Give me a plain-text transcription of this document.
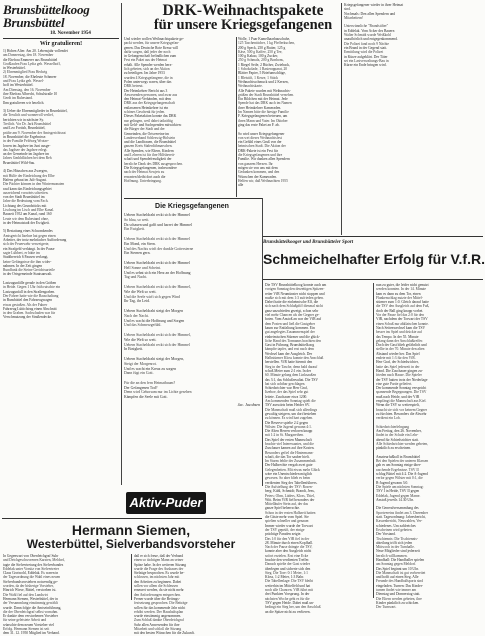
Brunsbüttelkoog
Brunsbüttel
18. November 1954
Wir gratulieren!
1) Hohen Alter. Am 20. Lebensjahr vollendet
am Donnerstag, den 18. November
die Ehefrau Emmerer aus Brunsbüttel
Großlaufen Frau Lydia geb. Wesselhoff,
in Westerbüttel.
2) Ehrenmitglied Frau Hedwig
18. November, die Eheleute Schmeer
und Frau Lydia geb. Wessel-
hoff im Westerbüttel.
Am Dienstag, den 16. November
ihre Ehefrau Albrecht, Schulstraße 10
Gerdt im Ruhestand.
Ihm gratulieren wir herzlich.

3) Ueber die Ehrenmitglieder in Brunsbüttel,
die Treulich und wonnevoll verlief,
berichten wir in nächster Sy.
Treilich. Vor Dr. Jark Brunsbüttel
und Leo Fortish, Brunsbüttel,
prüfte am 9. November der Amtsgerichtsrat
in Brunsbüttel die Ergebnisse.
in der Familie Feldweg Wrotze-
lowen im Jagdsee im Juni ausge-
das Jagdsee der Jagdsee erlegt.
an der Gemeinde im Jagdsee im
Jahres Gmbhflächen bei dem Reh
Brunsbüttel Wild-Sau.

4) Das Häuschen aus Zwergen,
mit Hülfe der Eindeichung des Elbe
Hafens gebaut im Juli-August.
Die Pächter können in den Wintermonaten
rauf kann das Eindeichungsgebiet
ausreichend vorwärts schreiten.
von der Stadt Brunsbüttel im
Jahre die Bedeutung vom Fach.
Lichtung des Grundstücks mit
Lischung im Lisch und Elbe Kanal.
Bauzeit 1952 am Kanal, rund 160
Leute wir dem Ruhestand ohne,
in der Heimatstadt der Ewigkeit.

5) Bestattung eines Schwankendes
Amtsgericht Itzehoe hat gegen einen
Arbeiter, der trotz mehrfacher Aufforderung
sich der Feuerwehr verweigerte,
ein Strafgeld verhängt. In der Pause
sagte Lübbert, er hätte im
Stadtbereich 6 Pausen verlangt,
keine Gefängnisse die ihm wider-
nahmen. In der Zeit gingen
Rundfunk die Steine Gerichtsurteile
in der Ortsgemeinde Staatsanwalt.

Lastzugunfälle gerade in den Gräben
in Heide. Gegen 1 Uhr früh rutschte ein
Lastzugunfall in den Straßengraben.
Der Fahrer hatte wie die Bauschaltung
in Bunsbüttel den Fahrzeugwagen
etwas gestoßen. Als der Fahrer
Fahrzeug Lüttichtrag einen Abschnitt
in den Graben. Sachschaden war für
Verschmutzung der Straßendecke.
DRK-Weihnachtspakete
für unsere Kriegsgefangenen
Und wieder wollen Weihnachtspakete ge-
packt werden, für unsere Kriegsgefan-
genen. Das Deutsche Rote Kreuz will
dafür sorgen, daß jeder der noch
in Gefangenschaft befindlichen zum
Fest ein Paket aus der Heimat
erhält. Alle Spender werden herz-
lich gebeten, sich an der Aktion
zu beteiligen. Im Jahre 1953
wurden 4 Kriegsgefangene, die in
Polen unterwegs waren, über das
DRK betreut.
Der Heimkehrer Bericht aus 3
Anwesenden personen, und zwar aus
den Heimat-Verbänden, mit dem
DRK aus der Kriegsgefangenschaft
entlassenen Heimkehrer ist ein
schönes Geschenk für jeden.
Dieses Paketaktion konnte das DRK
nur gelingen, weil dabei tatkräftig
mit Geld- und Sachspenden mitwirkten:
die Bürger der Stadt und der
Gemeinden, die Ortsvereine im
Landesverband Schleswig-Holstein
und die Landfrauen, die Brunsbüttel
ganzen Kreis Süderdithmarschen.
Alle Spenden, wie Eltern, Kindern
und Lehrern ist für ihre Hilfsbereit-
schaft und Spendefreudigkeit der
herzliche Dank des DRK ausgesprochen.
Die Kriegsgefangenen, insbesondere
nach der Heimat Sowjets zu
erwarten bleibt dort auch die
Hoffnung. Unterbringung.
Wolle, 1 Paar Kamelhaarhauschuhe,
125 Taschentücher, 1 kg Pfefferkuchen,
200 g Speck, 250 g Butter, 125 g
Käse, 500 g Kaffee, 250 g Tee,
100 g Kakao, 100 g Zucker,
250 g Schmalz, 200 g Bonbons,
1 Riegel Seife, 2 Bücher, Zwieback,
1 Schokolade, 1 Rasierapparat, 20
Blätter Papier, 5 Briefumschläge,
1 Bleistift, 1 Kerze, 1 Stück
Weihnachtsschmuck und 2 Kerzen,
Weihnachtskarte.
Alle Pakete wurden mit Weihnachts-
grüßen der Stadt Brunsbüttel versehen.
Ein Bildchen mit der Heimat. Jede
Spende hat das DRK auch im Namen
ihrer Heimkehrer Kameraden.
Im Namen bitte die hiesige Familie
F. Kriegsgefangenen betreuen, um
ihren Mann und Vater. Im Oktober
ging das erste Paket an F. ab.

So wird unser Kriegsgefangener
von wei dieses Weihnachtsfest
ein Gefühl eines Gruß von der
heimischen Stadt. Die Aktion der
DRK-Pakete ist ein Fest für
die Kriegsgefangenen und ihre
Familie. Wir danken allen Spendern
von ganzem Herzen. Ihr
mögen sie von uns mit dem
Gedanken kommen, und den
Wünschen der Kameraden.
Helfen wir, daß Weihnachten 1955
alle
Kriegsgefangener wieder in ihrer Heimat
sind.
Nochmals: Den allen Spendern und
Mitarbeitern!

Unterwünnliche "Brandstifter"
in Eddelak. Vom Acker des Bauern
Walter Schmidt wurde Weißkohl
unaufhörlich und entgegenkommend.
Die Polizei fand noch 9 Nächte
ein Brand in der Gegend statt.
Ermittlung wird die Polizei
in Kürze aufgeklärt. Der Täter
sei ein Lastverwaltungs-Bau in
Kürze ein Ende bringen wird.
Die Kriegsgefangenen
Uebern Stacheldraht reckt sich der Himmel
So blau, so weit.
Da schauen und gafft und harret der Himmel
Ein Ewigkeit.

Uebern Stacheldraht reckt sich der Himmel
Ein Mond, ein Stern.
Und des Nachts wirft der dunkle Gottersterne
Ein Sternen gern.

Uebern Stacheldraht reckt sich der Himmel
Hell Sonne und Scheint.
Und es sehnt sich ein Herz an der Hoffnung
Tag und Nacht.

Uebern Stacheldraht reckt sich der Himmel,
Wie die Welt so weit.
Und die Seele wirft sich gegen Wind
Ihr Tag, ihr Leid.

Uebern Stacheldraht steigt der Morgen
Nach der Nacht.
Und es wacht die Hoffnung und Sorgen
Und das Schmerzgefühl.

Uebern Stacheldraht reckt sich der Himmel,
Wie die Welt so weit.
Uebern Stacheldraht reckt sich der Himmel
In Einigkeit.

Uebern Stacheldraht steigt der Morgen,
Steigt der Morgenrot.
Und es wacht ein Kreuz zu sorgen
Dann fügt ein Gott.

Für die an den fern Heimatbaum?
Der Gefangenen Tod?
Denn wird Gehorsam nur im Lichte gesehen
Kämpfen die Seele mit Gott.
Jac. Jacobsen
Brunsbüttelkooger und Brunsbütteler Sport
Schmeichelhafter Erfolg für V.f.R.
Die TSV Brunsbüttelkoog konnte auch am
vorigen Sonntag den derzeitigen Spitzen-
reiter VfR Neumünster nicht stoppen und
mußte sich mit dem 1:3 zufrieden geben.
Dabei hatte die einheimische Elf, die
sich nach dem Schlußpfiff diesmal nicht
ganz unzufrieden gezeigt, schon sehr
viel mehr Chancen als der Gegner ge-
boten. Vom Anstoß an war der VfR auf
dem Posten und ließ die Gastgeber
kaum zur Entfaltung kommen. Ein
gut angelegtes Zusammenspiel der
einheimischen Stürmer und die glück-
liche Hand des Tormanns brachten den
Gast in Führung. Brunsbüttelkoog
kämpfte tapfer, und erst nach dem
Wechsel kam der Ausgleich. Der
Halbstürmer Kloss konnte den Anschluß
herstellen. VfR hatte hiermit den
Sieg in der Tasche, denn bald darauf
schoß Meier zum 2:1 ein. In der
60. Minute gelang dem Linksaußen
das 3:1, das Schlußresultat. Die TSV
hat sich achtbar geschlagen.
Schiedsrichter war Herr Graf,
Itzehoe, der das Spiel sehr gut
leitete. Zuschauer etwa 1200.
Am kommenden Sonntag spielt die
TSV auswärts beim Heider SV.
Die Mannschaft muß sich allerdings
gewaltig steigern, um dort bestehen
zu können. Es wird hart zugehen.
Die Reserve spielte 2:2 gegen
Wilster. Die Jugend gewann 4:1.
Die Alten Herren verloren knapp
mit 1:2 in St. Margarethen.
Das Spiel der ersten Mannschaft
brachte viel Interessantes, und die
Zuschauer kamen auf ihre Kosten.
Besonders gefiel die Hintermann-
schaft, die das Tor sauber hielt.
Im Sturm fehlte der Zusammenhalt.
Der Halbrechte vergab zwei gute
Gelegenheiten. Mit etwas mehr Glück
wäre ein Unentschieden möglich
gewesen. So aber blieb es beim
verdienten Sieg des Tabellenführers.
Die Aufstellung der TSV: Rosen-
berg; Kühl, Schmidt; Brandt, Jens,
Peters; Ohm, Lüders, Kloss, Thiel,
Witt. Beim VfR fiel besonders der
Mittelläufer Stein auf, der das
ganze Spiel beherrschte.
Schon in der ersten Halbzeit hatten
die Gäste mehr vom Spiel. Sie
spielten schneller und genauer.
Immer wieder wurde der Torwart
der TSV geprüft, der einige
prächtige Paraden zeigte.
Das 1:0 für den VfR fiel in der
28. Minute durch einen Kopfball.
Nach der Pause drängte die TSV,
konnte aber den Ausgleich nicht
sofort erzielen. Erst eine Ecke
brachte den verdienten Treffer.
Danach spielte der Gast wieder
überlegen und sicherte sich den
Sieg. Die Tore: 0:1 Meier, 1:1
Kloss, 1:2 Meier, 1:3 Bahr.
Die Tabellenlage: Die TSV bleibt
weiterhin im Mittelfeld und hat
noch alle Chancen. VfR führt mit
drei Punkten Vorsprung. In der
nächsten Woche geht es für die
TSV gegen Heide. Dabei muß un-
bedingt ein Sieg her, um den Anschluß
an die Spitze nicht zu verlieren.
nun zu guter, die leider nicht genutzt
werden konnten. In der 14. Minute
kam es dann zu dem Tor, einen
Flankenschlag nutzte der Mittel-
stürmer zum 1:0. Gleich darauf hatte
die TSV den Ausgleich auf dem Fuß,
doch der Ball ging knapp vorbei.
Vor der Pause fiel das 2:0 für den
VfR, nachdem der Torwart der TSV
einen Schuß nur abklatschen konnte.
Nach Seitenwechsel kam die TSV
besser ins Spiel und drückte auf
das Tempo. In der 55. Minute
gelang dann der Anschlußtreffer.
Doch der Gast blieb gefährlich und
stellte in der 70. Minute den alten
Abstand wieder her. Das Spiel
endete mit 1:3 für den VfR.
Herr Graf, der Schiedsrichter,
hatte das Spiel jederzeit in der
Hand. Die Zuschauer gingen zu-
frieden nach Hause. Die Spieler
der TSV hatten trotz der Niederlage
eine gute Partie geliefert.
Der kommende Sonntag verspricht
spannende Begegnungen. Die TSV
muß nach Heide, und der VfR
empfängt die Mannschaft aus Kiel.
Wenn die TSV so weiterspielt,
braucht sie sich vor keinem Gegner
zu fürchten. Besonders die Abwehr
verdient ein Lob.

Schiedsrichterlehrgang
Am Freitag, den 26. November,
findet in der Schule ein Lehr-
abend für Schiedsrichter statt.
Alle Schiedsrichter werden gebeten,
pünktlich zu erscheinen.

Amateurfußball in Brunsbüttel
Bei den Spielen der unteren Klassen
gab es am Sonntag einige über-
raschende Ergebnisse. TSV II
schlug Büttel mit 4:2. Die A-Jugend
verlor gegen Wilster mit 0:1, die
B-Jugend gewann 3:0.
Die Spiele am nächsten Sonntag:
TSV I in Heide, TSV II gegen
Eddelak, Jugend gegen Marne.
Anstoß jeweils 14.30 Uhr.

Die Generalversammlung des
Sportvereins findet am 3. Dezember
statt. Tagesordnung: Jahresbericht,
Kassenbericht, Neuwahlen, Ver-
schiedenes. Um zahlreiches
Erscheinen wird gebeten.
Der Vorstand.
Tischtennis: Die Tischtennis-
abteilung trifft sich jeden
Mittwoch in der Turnhalle.
Neue Mitglieder sind jederzeit
herzlich willkommen.
Handball: Die Handballer spielen
am Sonntag gegen Meldorf.
Das Spiel beginnt um 10 Uhr.
Die Mannschaft ist gut vorbereitet
und hofft auf einen Sieg. Alle
Freunde des Handballsports sind
eingeladen. Turnen: Das Kinder-
turnen findet wie immer am
Dienstag und Donnerstag statt.
Die Eltern werden gebeten, ihre
Kinder pünktlich zu schicken.
Der Turnwart.
Aktiv-Puder
Hermann Siemen,
Westerbüttel, Sielverbandsvorsteher
In Gegenwart von Oberdeichgraf Suhr
und Deichgeschworenen Karsten, Meldorf,
tagte die Sielvertretung des Sielverbandes
Eddelak unter Vorsitz von Sielvertreter
Claus Grotwohl, Eddelak. Es waren in
der Tagesordnung die Wahl eines neuen
Sielverbandsvorstehers notwendig ge-
worden, da der bisherige Vorsteher,
Hinrich Wiese, Büttel, verstorben ist.
Die Wahl fiel auf den Landwirt
Hermann Siemen, Westerbüttel, der in
der Versammlung einstimmig gewählt
wurde. Dann folgte die Amtseinführung,
die der Oberdeichgraf selbst vornahm.
Er dankte dem verstorbenen Vorsteher
für seine geleistete Arbeit und
wünschte dem neuen Vorsteher viel
Erfolg. Hermann Siemen ist seit
dem 31. 12. 1950 Mitglied im Verband.
daß er sich freue, daß der Verband
einen so tüchtigen Mann an seiner
Spitze habe. In der weiteren Sitzung
wurde die Frage des Ausbaues der
Sielzüge besprochen. Es wurde be-
schlossen, im nächsten Jahr mit
den Arbeiten zu beginnen. Dabei
sollen vor allem die Schleusen
erneuert werden, da sie nicht mehr
den Anforderungen entsprechen.
Ferner wurde über die Beitrags-
festsetzung gesprochen. Die Beiträge
sollen für das kommende Jahr nicht
erhöht werden. Der Haushaltsplan
wurde einstimmig angenommen.
Zum Schluß dankte Oberdeichgraf
Suhr allen Anwesenden für ihre
Mitarbeit und schloß die Sitzung
mit den besten Wünschen für die Zukunft.
